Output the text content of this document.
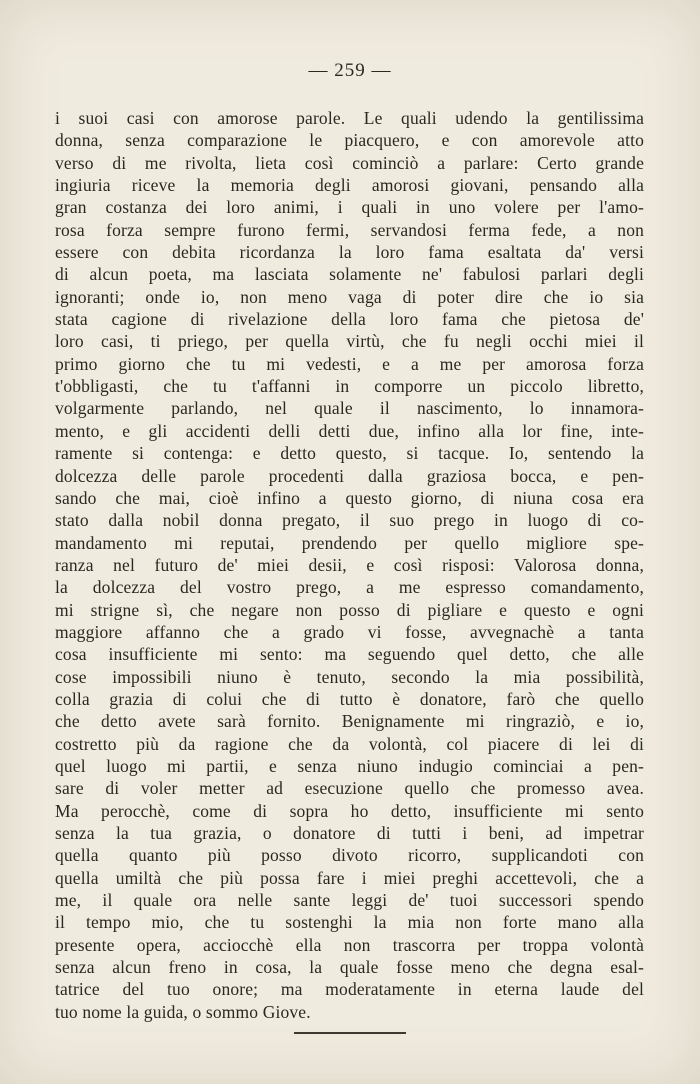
— 259 —
i suoi casi con amorose parole. Le quali udendo la gentilissima
donna, senza comparazione le piacquero, e con amorevole atto
verso di me rivolta, lieta così cominciò a parlare: Certo grande
ingiuria riceve la memoria degli amorosi giovani, pensando alla
gran costanza dei loro animi, i quali in uno volere per l'amo-
rosa forza sempre furono fermi, servandosi ferma fede, a non
essere con debita ricordanza la loro fama esaltata da' versi
di alcun poeta, ma lasciata solamente ne' fabulosi parlari degli
ignoranti; onde io, non meno vaga di poter dire che io sia
stata cagione di rivelazione della loro fama che pietosa de'
loro casi, ti priego, per quella virtù, che fu negli occhi miei il
primo giorno che tu mi vedesti, e a me per amorosa forza
t'obbligasti, che tu t'affanni in comporre un piccolo libretto,
volgarmente parlando, nel quale il nascimento, lo innamora-
mento, e gli accidenti delli detti due, infino alla lor fine, inte-
ramente si contenga: e detto questo, si tacque. Io, sentendo la
dolcezza delle parole procedenti dalla graziosa bocca, e pen-
sando che mai, cioè infino a questo giorno, di niuna cosa era
stato dalla nobil donna pregato, il suo prego in luogo di co-
mandamento mi reputai, prendendo per quello migliore spe-
ranza nel futuro de' miei desii, e così risposi: Valorosa donna,
la dolcezza del vostro prego, a me espresso comandamento,
mi strigne sì, che negare non posso di pigliare e questo e ogni
maggiore affanno che a grado vi fosse, avvegnachè a tanta
cosa insufficiente mi sento: ma seguendo quel detto, che alle
cose impossibili niuno è tenuto, secondo la mia possibilità,
colla grazia di colui che di tutto è donatore, farò che quello
che detto avete sarà fornito. Benignamente mi ringraziò, e io,
costretto più da ragione che da volontà, col piacere di lei di
quel luogo mi partii, e senza niuno indugio cominciai a pen-
sare di voler metter ad esecuzione quello che promesso avea.
Ma perocchè, come di sopra ho detto, insufficiente mi sento
senza la tua grazia, o donatore di tutti i beni, ad impetrar
quella quanto più posso divoto ricorro, supplicandoti con
quella umiltà che più possa fare i miei preghi accettevoli, che a
me, il quale ora nelle sante leggi de' tuoi successori spendo
il tempo mio, che tu sostenghi la mia non forte mano alla
presente opera, acciocchè ella non trascorra per troppa volontà
senza alcun freno in cosa, la quale fosse meno che degna esal-
tatrice del tuo onore; ma moderatamente in eterna laude del
tuo nome la guida, o sommo Giove.
